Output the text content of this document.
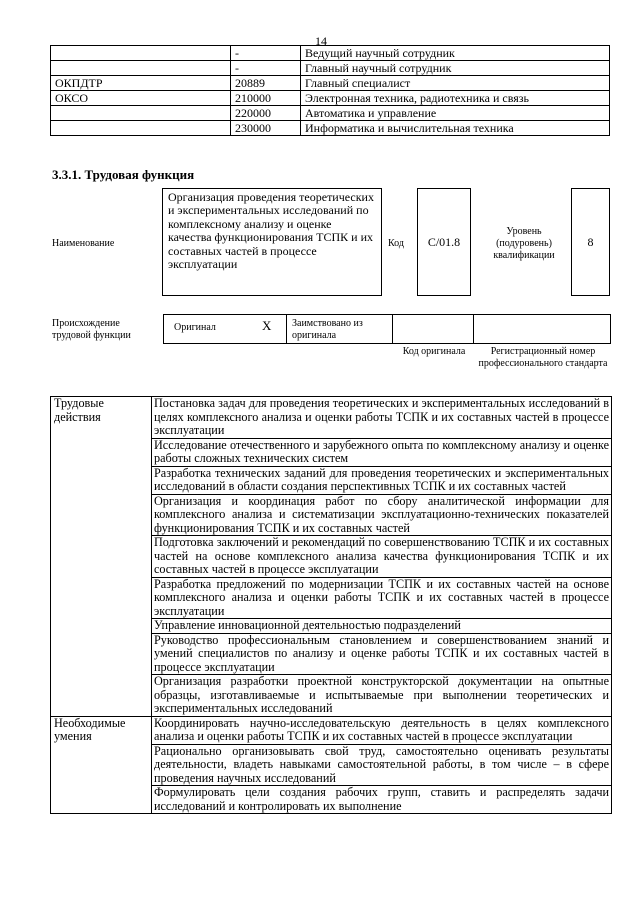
14
	-	Ведущий научный сотрудник
	-	Главный научный сотрудник
ОКПДТР	20889	Главный специалист
ОКСО	210000	Электронная техника, радиотехника и связь
	220000	Автоматика и управление
	230000	Информатика и вычислительная техника
3.3.1. Трудовая функция
Наименование
Организация проведения теоретических и экспериментальных исследований по комплексному анализу и оценке качества функционирования ТСПК и их составных частей в процессе эксплуатации
Код	С/01.8
Уровень (подуровень) квалификации
8
Происхождение трудовой функции
Оригинал	X Заимствовано из оригинала
Код оригинала	Регистрационный номер профессионального стандарта
Трудовые действия	Постановка задач для проведения теоретических и экспериментальных исследований в целях комплексного анализа и оценки работы ТСПК и их составных частей в процессе эксплуатации
	Исследование отечественного и зарубежного опыта по комплексному анализу и оценке работы сложных технических систем
	Разработка технических заданий для проведения теоретических и экспериментальных исследований в области создания перспективных ТСПК и их составных частей
	Организация и координация работ по сбору аналитической информации для комплексного анализа и систематизации эксплуатационно-технических показателей функционирования ТСПК и их составных частей
	Подготовка заключений и рекомендаций по совершенствованию ТСПК и их составных частей на основе комплексного анализа качества функционирования ТСПК и их составных частей в процессе эксплуатации
	Разработка предложений по модернизации ТСПК и их составных частей на основе комплексного анализа и оценки работы ТСПК и их составных частей в процессе эксплуатации
	Управление инновационной деятельностью подразделений
	Руководство профессиональным становлением и совершенствованием знаний и умений специалистов по анализу и оценке работы ТСПК и их составных частей в процессе эксплуатации
	Организация разработки проектной конструкторской документации на опытные образцы, изготавливаемые и испытываемые при выполнении теоретических и экспериментальных исследований
Необходимые умения	Координировать научно-исследовательскую деятельность в целях комплексного анализа и оценки работы ТСПК и их составных частей в процессе эксплуатации
	Рационально организовывать свой труд, самостоятельно оценивать результаты деятельности, владеть навыками самостоятельной работы, в том числе – в сфере проведения научных исследований
	Формулировать цели создания рабочих групп, ставить и распределять задачи исследований и контролировать их выполнение
